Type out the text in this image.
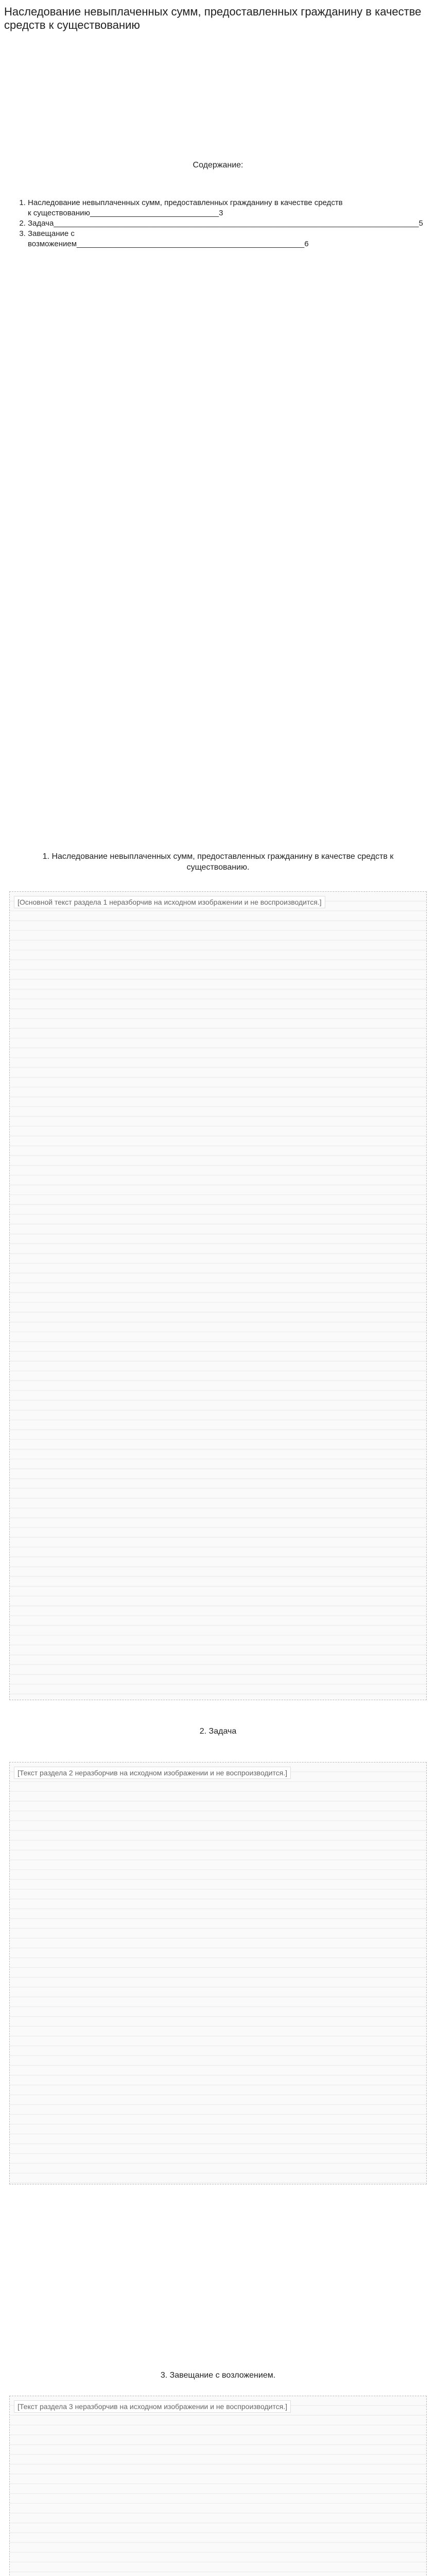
Наследование невыплаченных сумм, предоставленных гражданину в качестве средств к существованию

Содержание:

1. Наследование невыплаченных сумм, предоставленных гражданину в качестве средств к существованию______________________________3
2. Задача_____________________________________________________________________________________5
3. Завещание с возможением_____________________________________________________6
1. Наследование невыплаченных сумм, предоставленных гражданину в качестве средств к существованию.
[Основной текст раздела 1 неразборчив на исходном изображении и не воспроизводится.]
2. Задача
[Текст раздела 2 неразборчив на исходном изображении и не воспроизводится.]
3. Завещание с возложением.
[Текст раздела 3 неразборчив на исходном изображении и не воспроизводится.]
